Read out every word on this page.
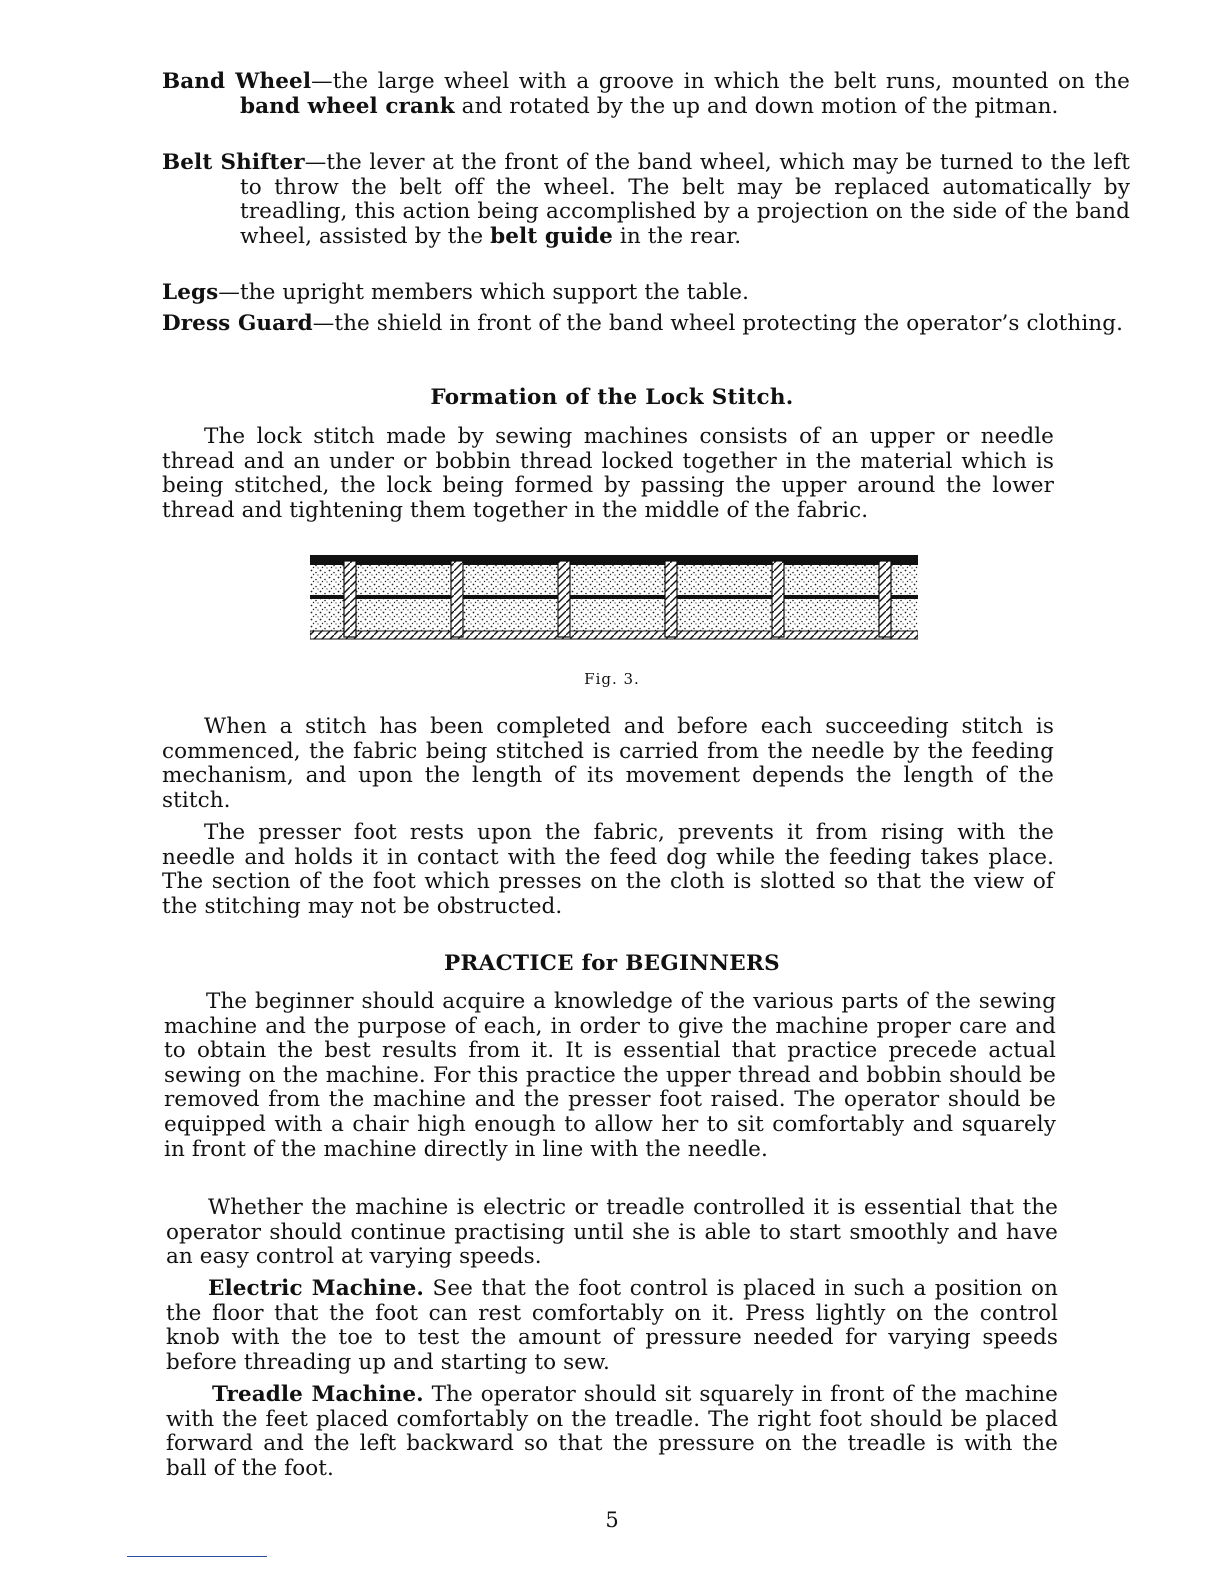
Band Wheel—the large wheel with a groove in which the belt runs, mounted on the band wheel crank and rotated by the up and down motion of the pitman.

Belt Shifter—the lever at the front of the band wheel, which may be turned to the left to throw the belt off the wheel. The belt may be replaced automatically by treadling, this action being accomplished by a projection on the side of the band wheel, assisted by the belt guide in the rear.

Legs—the upright members which support the table.

Dress Guard—the shield in front of the band wheel protecting the operator’s clothing.

Formation of the Lock Stitch.

The lock stitch made by sewing machines consists of an upper or needle thread and an under or bobbin thread locked together in the material which is being stitched, the lock being formed by passing the upper around the lower thread and tightening them together in the middle of the fabric.

Fig. 3.

When a stitch has been completed and before each succeeding stitch is commenced, the fabric being stitched is carried from the needle by the feeding mechanism, and upon the length of its movement depends the length of the stitch.

The presser foot rests upon the fabric, prevents it from rising with the needle and holds it in contact with the feed dog while the feeding takes place. The section of the foot which presses on the cloth is slotted so that the view of the stitching may not be obstructed.

PRACTICE for BEGINNERS

The beginner should acquire a knowledge of the various parts of the sewing machine and the purpose of each, in order to give the machine proper care and to obtain the best results from it. It is essential that practice precede actual sewing on the machine. For this practice the upper thread and bobbin should be removed from the machine and the presser foot raised. The operator should be equipped with a chair high enough to allow her to sit comfortably and squarely in front of the machine directly in line with the needle.

Whether the machine is electric or treadle controlled it is essential that the operator should continue practising until she is able to start smoothly and have an easy control at varying speeds.

Electric Machine. See that the foot control is placed in such a position on the floor that the foot can rest comfortably on it. Press lightly on the control knob with the toe to test the amount of pressure needed for varying speeds before threading up and starting to sew.

Treadle Machine. The operator should sit squarely in front of the machine with the feet placed comfortably on the treadle. The right foot should be placed forward and the left backward so that the pressure on the treadle is with the ball of the foot.

5
